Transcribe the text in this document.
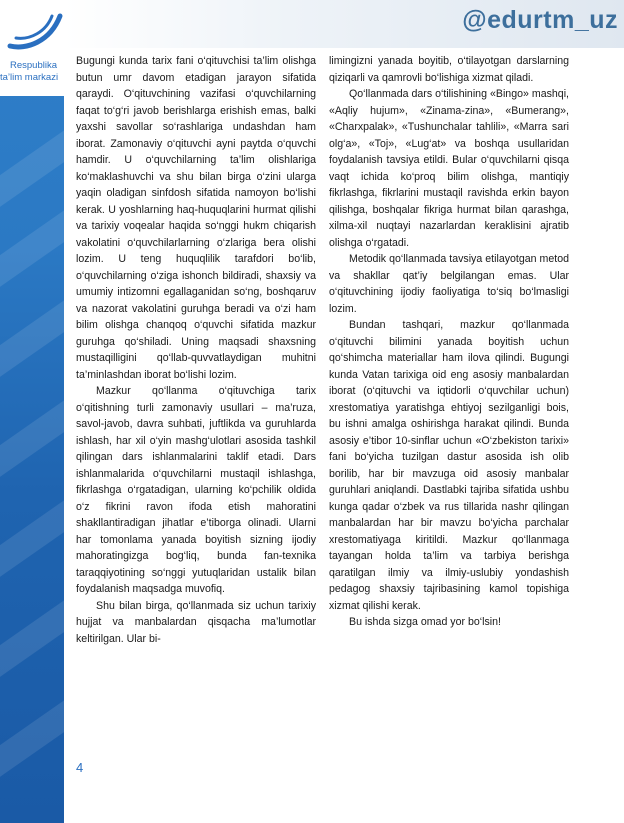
Respublika
ta’lim markazi
@edurtm_uz

Bugungi kunda tarix fani o‘qituvchisi ta’lim olishga butun umr davom etadigan jarayon sifatida qaraydi. O‘qituvchining vazifasi o‘quvchilarning faqat to‘g‘ri javob berishlarga erishish emas, balki yaxshi savollar so‘rashlariga undashdan ham iborat. Zamonaviy o‘qituvchi ayni paytda o‘quvchi hamdir. U o‘quvchilarning ta’lim olishlariga ko‘maklashuvchi va shu bilan birga o‘zini ularga yaqin oladigan sinfdosh sifatida namoyon bo‘lishi kerak. U yoshlarning haq-huquqlarini hurmat qilishi va tarixiy voqealar haqida so‘nggi hukm chiqarish vakolatini o‘quvchilarlarning o‘zlariga bera olishi lozim. U teng huquqlilik tarafdori bo‘lib, o‘quvchilarning o‘ziga ishonch bildiradi, shaxsiy va umumiy intizomni egallaganidan so‘ng, boshqaruv va nazorat vakolatini guruhga beradi va o‘zi ham bilim olishga chanqoq o‘quvchi sifatida mazkur guruhga qo‘shiladi. Uning maqsadi shaxsning mustaqilligini qo‘llab-quvvatlaydigan muhitni ta’minlashdan iborat bo‘lishi lozim.

Mazkur qo‘llanma o‘qituvchiga tarix o‘qitishning turli zamonaviy usullari – ma’ruza, savol-javob, davra suhbati, juftlikda va guruhlarda ishlash, har xil o‘yin mashg‘ulotlari asosida tashkil qilingan dars ishlanmalarini taklif etadi. Dars ishlanmalarida o‘quvchilarni mustaqil ishlashga, fikrlashga o‘rgatadigan, ularning ko‘pchilik oldida o‘z fikrini ravon ifoda etish mahoratini shakllantiradigan jihatlar e’tiborga olinadi. Ularni har tomonlama yanada boyitish sizning ijodiy mahoratingizga bog‘liq, bunda fan-texnika taraqqiyotining so‘nggi yutuqlaridan ustalik bilan foydalanish maqsadga muvofiq.

Shu bilan birga, qo‘llanmada siz uchun tarixiy hujjat va manbalardan qisqacha ma’lumotlar keltirilgan. Ular bi-

limingizni yanada boyitib, o‘tilayotgan darslarning qiziqarli va qamrovli bo‘lishiga xizmat qiladi.

Qo‘llanmada dars o‘tilishining «Bingo» mashqi, «Aqliy hujum», «Zinama-zina», «Bumerang», «Charxpalak», «Tushunchalar tahlili», «Marra sari olg‘a», «Toj», «Lug‘at» va boshqa usullaridan foydalanish tavsiya etildi. Bular o‘quvchilarni qisqa vaqt ichida ko‘proq bilim olishga, mantiqiy fikrlashga, fikrlarini mustaqil ravishda erkin bayon qilishga, boshqalar fikriga hurmat bilan qarashga, xilma-xil nuqtayi nazarlardan keraklisini ajratib olishga o‘rgatadi.

Metodik qo‘llanmada tavsiya etilayotgan metod va shakllar qat’iy belgilangan emas. Ular o‘qituvchining ijodiy faoliyatiga to‘siq bo‘lmasligi lozim.

Bundan tashqari, mazkur qo‘llanmada o‘qituvchi bilimini yanada boyitish uchun qo‘shimcha materiallar ham ilova qilindi. Bugungi kunda Vatan tarixiga oid eng asosiy manbalardan iborat (o‘qituvchi va iqtidorli o‘quvchilar uchun) xrestomatiya yaratishga ehtiyoj sezilganligi bois, bu ishni amalga oshirishga harakat qilindi. Bunda asosiy e’tibor 10-sinflar uchun «O‘zbekiston tarixi» fani bo‘yicha tuzilgan dastur asosida ish olib borilib, har bir mavzuga oid asosiy manbalar guruhlari aniqlandi. Dastlabki tajriba sifatida ushbu kunga qadar o‘zbek va rus tillarida nashr qilingan manbalardan har bir mavzu bo‘yicha parchalar xrestomatiyaga kiritildi. Mazkur qo‘llanmaga tayangan holda ta’lim va tarbiya berishga qaratilgan ilmiy va ilmiy-uslubiy yondashish pedagog shaxsiy tajribasining kamol topishiga xizmat qilishi kerak.

Bu ishda sizga omad yor bo‘lsin!

4
